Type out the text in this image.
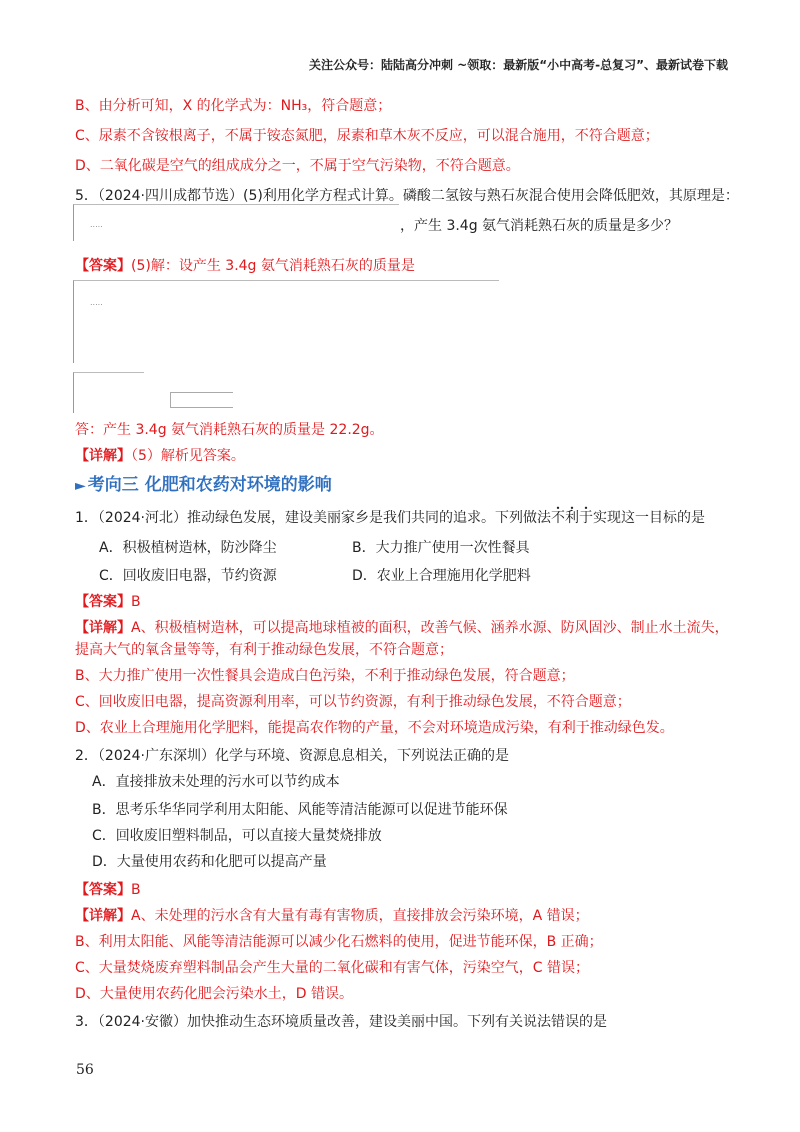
关注公众号：陆陆高分冲刺 ~领取：最新版“小中高考-总复习”、最新试卷下载
B、由分析可知，X 的化学式为：NH₃，符合题意；
C、尿素不含铵根离子，不属于铵态氮肥，尿素和草木灰不反应，可以混合施用，不符合题意；
D、二氧化碳是空气的组成成分之一，不属于空气污染物，不符合题意。
5．（2024·四川成都节选）(5)利用化学方程式计算。磷酸二氢铵与熟石灰混合使用会降低肥效，其原理是：
.....	，产生 3.4g 氨气消耗熟石灰的质量是多少？
【答案】(5)解：设产生 3.4g 氨气消耗熟石灰的质量是
.....
答：产生 3.4g 氨气消耗熟石灰的质量是 22.2g。
【详解】（5）解析见答案。
► 考向三 化肥和农药对环境的影响
1．（2024·河北）推动绿色发展，建设美丽家乡是我们共同的追求。下列做法不利于实现这一目标的是
A．积极植树造林，防沙降尘	B．大力推广使用一次性餐具
C．回收废旧电器，节约资源	D．农业上合理施用化学肥料
【答案】B
【详解】A、积极植树造林，可以提高地球植被的面积，改善气候、涵养水源、防风固沙、制止水土流失，
提高大气的氧含量等等，有利于推动绿色发展，不符合题意；
B、大力推广使用一次性餐具会造成白色污染，不利于推动绿色发展，符合题意；
C、回收废旧电器，提高资源利用率，可以节约资源，有利于推动绿色发展，不符合题意；
D、农业上合理施用化学肥料，能提高农作物的产量，不会对环境造成污染，有利于推动绿色发。
2．（2024·广东深圳）化学与环境、资源息息相关，下列说法正确的是
A．直接排放未处理的污水可以节约成本
B．思考乐华华同学利用太阳能、风能等清洁能源可以促进节能环保
C．回收废旧塑料制品，可以直接大量焚烧排放
D．大量使用农药和化肥可以提高产量
【答案】B
【详解】A、未处理的污水含有大量有毒有害物质，直接排放会污染环境，A 错误；
B、利用太阳能、风能等清洁能源可以减少化石燃料的使用，促进节能环保，B 正确；
C、大量焚烧废弃塑料制品会产生大量的二氧化碳和有害气体，污染空气，C 错误；
D、大量使用农药化肥会污染水土，D 错误。
3．（2024·安徽）加快推动生态环境质量改善，建设美丽中国。下列有关说法错误的是
56
